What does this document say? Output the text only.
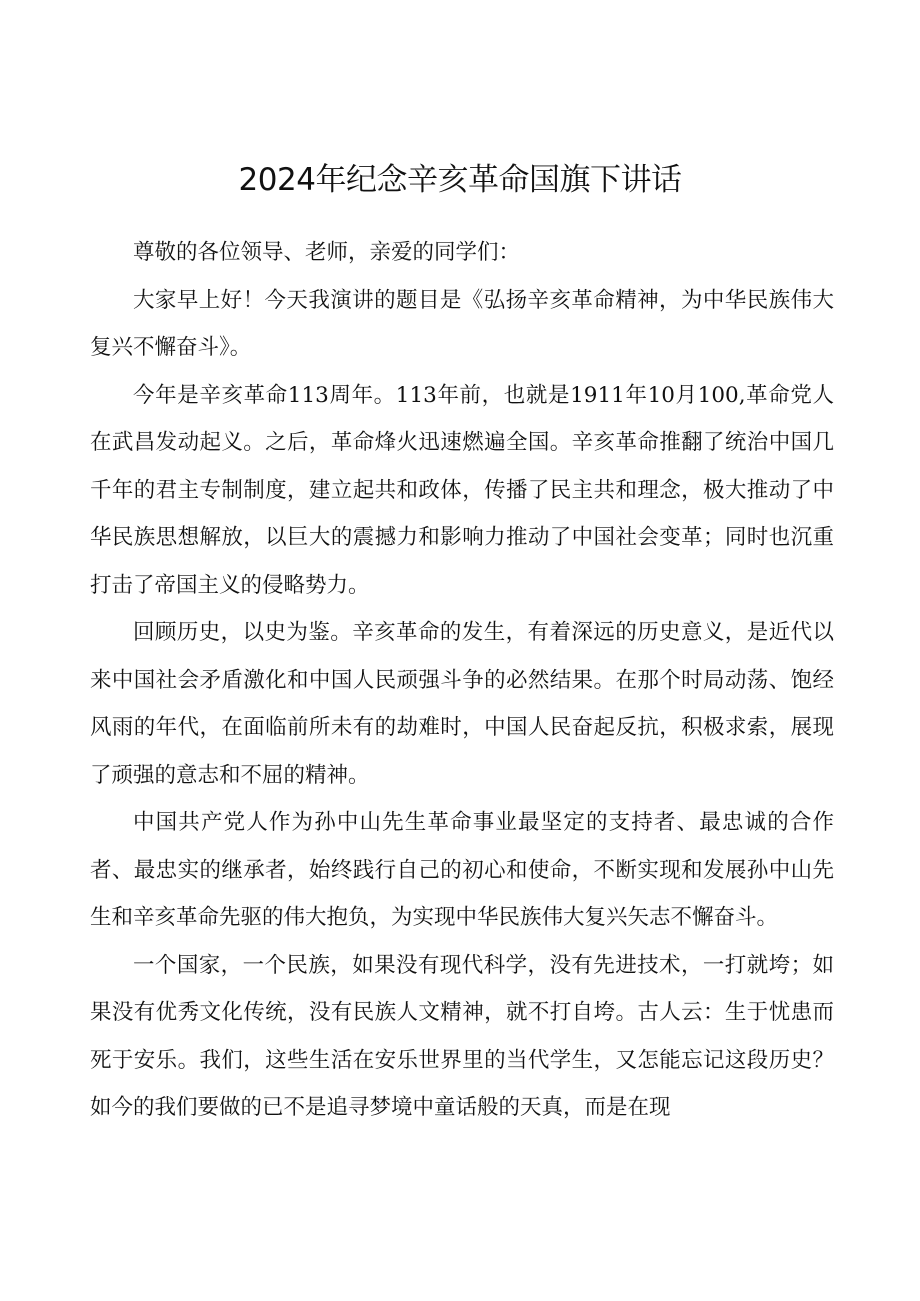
2024年纪念辛亥革命国旗下讲话

尊敬的各位领导、老师，亲爱的同学们：

大家早上好！今天我演讲的题目是《弘扬辛亥革命精神，为中华民族伟大复兴不懈奋斗》。

今年是辛亥革命113周年。113年前，也就是1911年10月100,革命党人在武昌发动起义。之后，革命烽火迅速燃遍全国。辛亥革命推翻了统治中国几千年的君主专制制度，建立起共和政体，传播了民主共和理念，极大推动了中华民族思想解放，以巨大的震撼力和影响力推动了中国社会变革；同时也沉重打击了帝国主义的侵略势力。

回顾历史，以史为鉴。辛亥革命的发生，有着深远的历史意义，是近代以来中国社会矛盾激化和中国人民顽强斗争的必然结果。在那个时局动荡、饱经风雨的年代，在面临前所未有的劫难时，中国人民奋起反抗，积极求索，展现了顽强的意志和不屈的精神。

中国共产党人作为孙中山先生革命事业最坚定的支持者、最忠诚的合作者、最忠实的继承者，始终践行自己的初心和使命，不断实现和发展孙中山先生和辛亥革命先驱的伟大抱负，为实现中华民族伟大复兴矢志不懈奋斗。

一个国家，一个民族，如果没有现代科学，没有先进技术，一打就垮；如果没有优秀文化传统，没有民族人文精神，就不打自垮。古人云：生于忧患而死于安乐。我们，这些生活在安乐世界里的当代学生，又怎能忘记这段历史？如今的我们要做的已不是追寻梦境中童话般的天真，而是在现
